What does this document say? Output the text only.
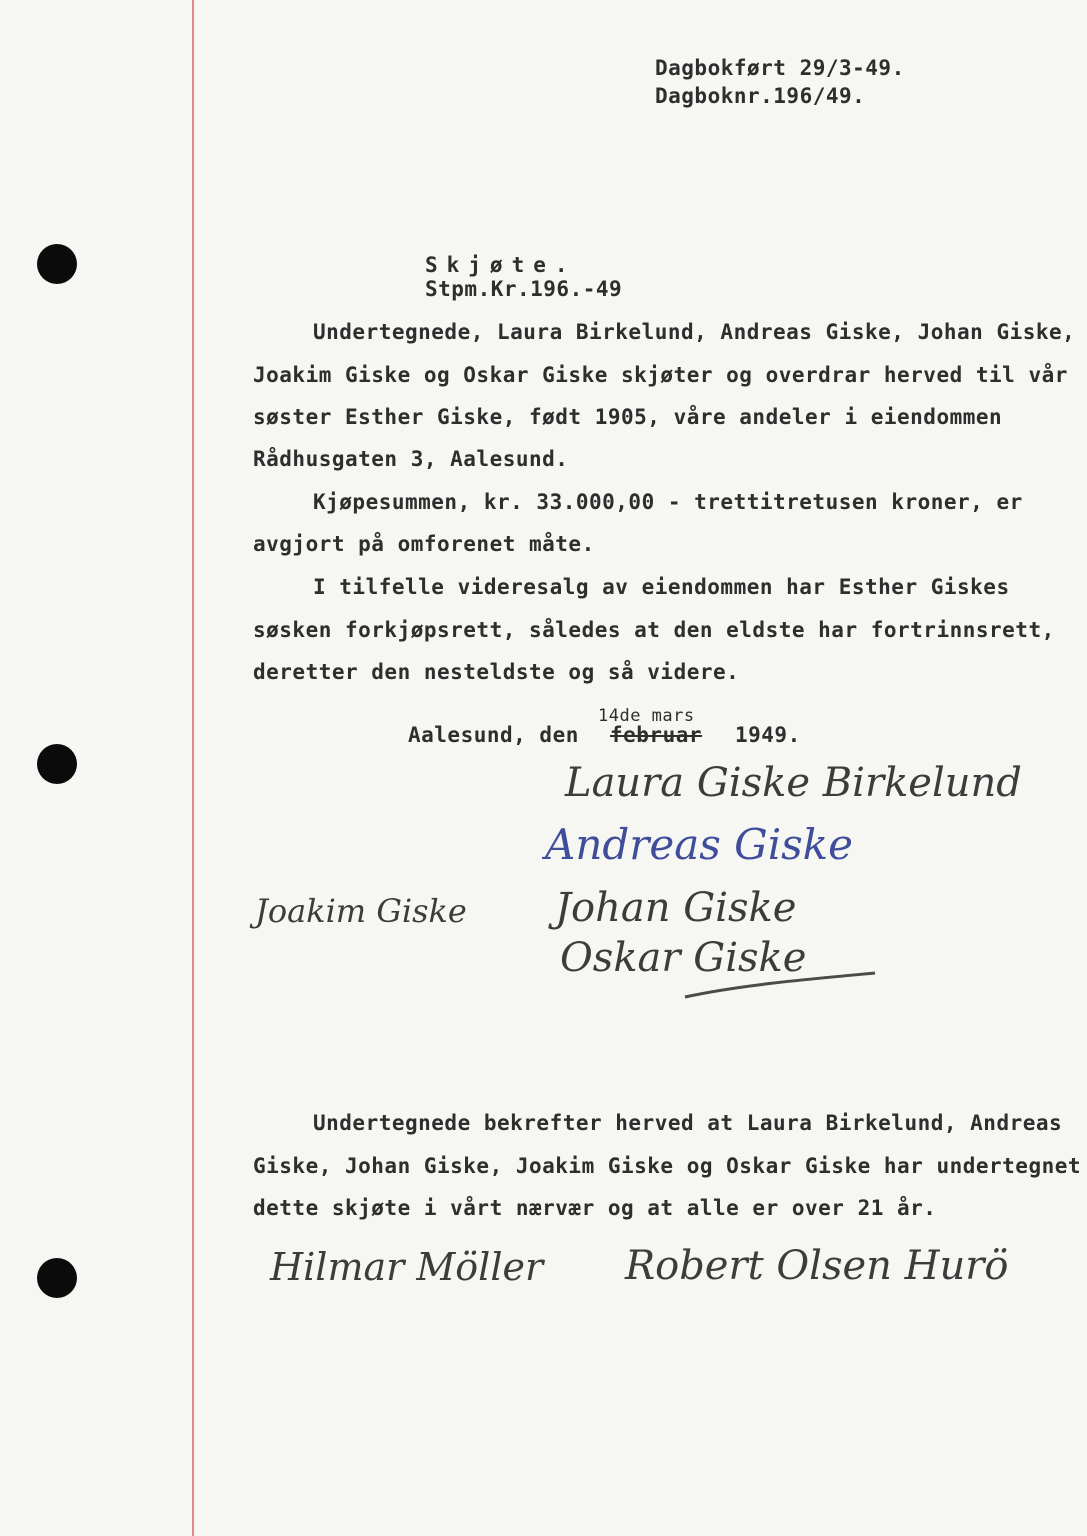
Dagbokført 29/3-49.
Dagboknr.196/49.
Skjøte.
Stpm.Kr.196.-49
Undertegnede, Laura Birkelund, Andreas Giske, Johan Giske,
Joakim Giske og Oskar Giske skjøter og overdrar herved til vår
søster Esther Giske, født 1905, våre andeler i eiendommen
Rådhusgaten 3, Aalesund.
Kjøpesummen, kr. 33.000,00 - trettitretusen kroner, er
avgjort på omforenet måte.
I tilfelle videresalg av eiendommen har Esther Giskes
søsken forkjøpsrett, således at den eldste har fortrinnsrett,
deretter den nesteldste og så videre.
Aalesund, den
14de mars
februar 1949.
Laura Giske Birkelund
Andreas Giske
Joakim Giske Johan Giske
Oskar Giske
Undertegnede bekrefter herved at Laura Birkelund, Andreas
Giske, Johan Giske, Joakim Giske og Oskar Giske har undertegnet
dette skjøte i vårt nærvær og at alle er over 21 år.
Hilmar Möller Robert Olsen Hurö
